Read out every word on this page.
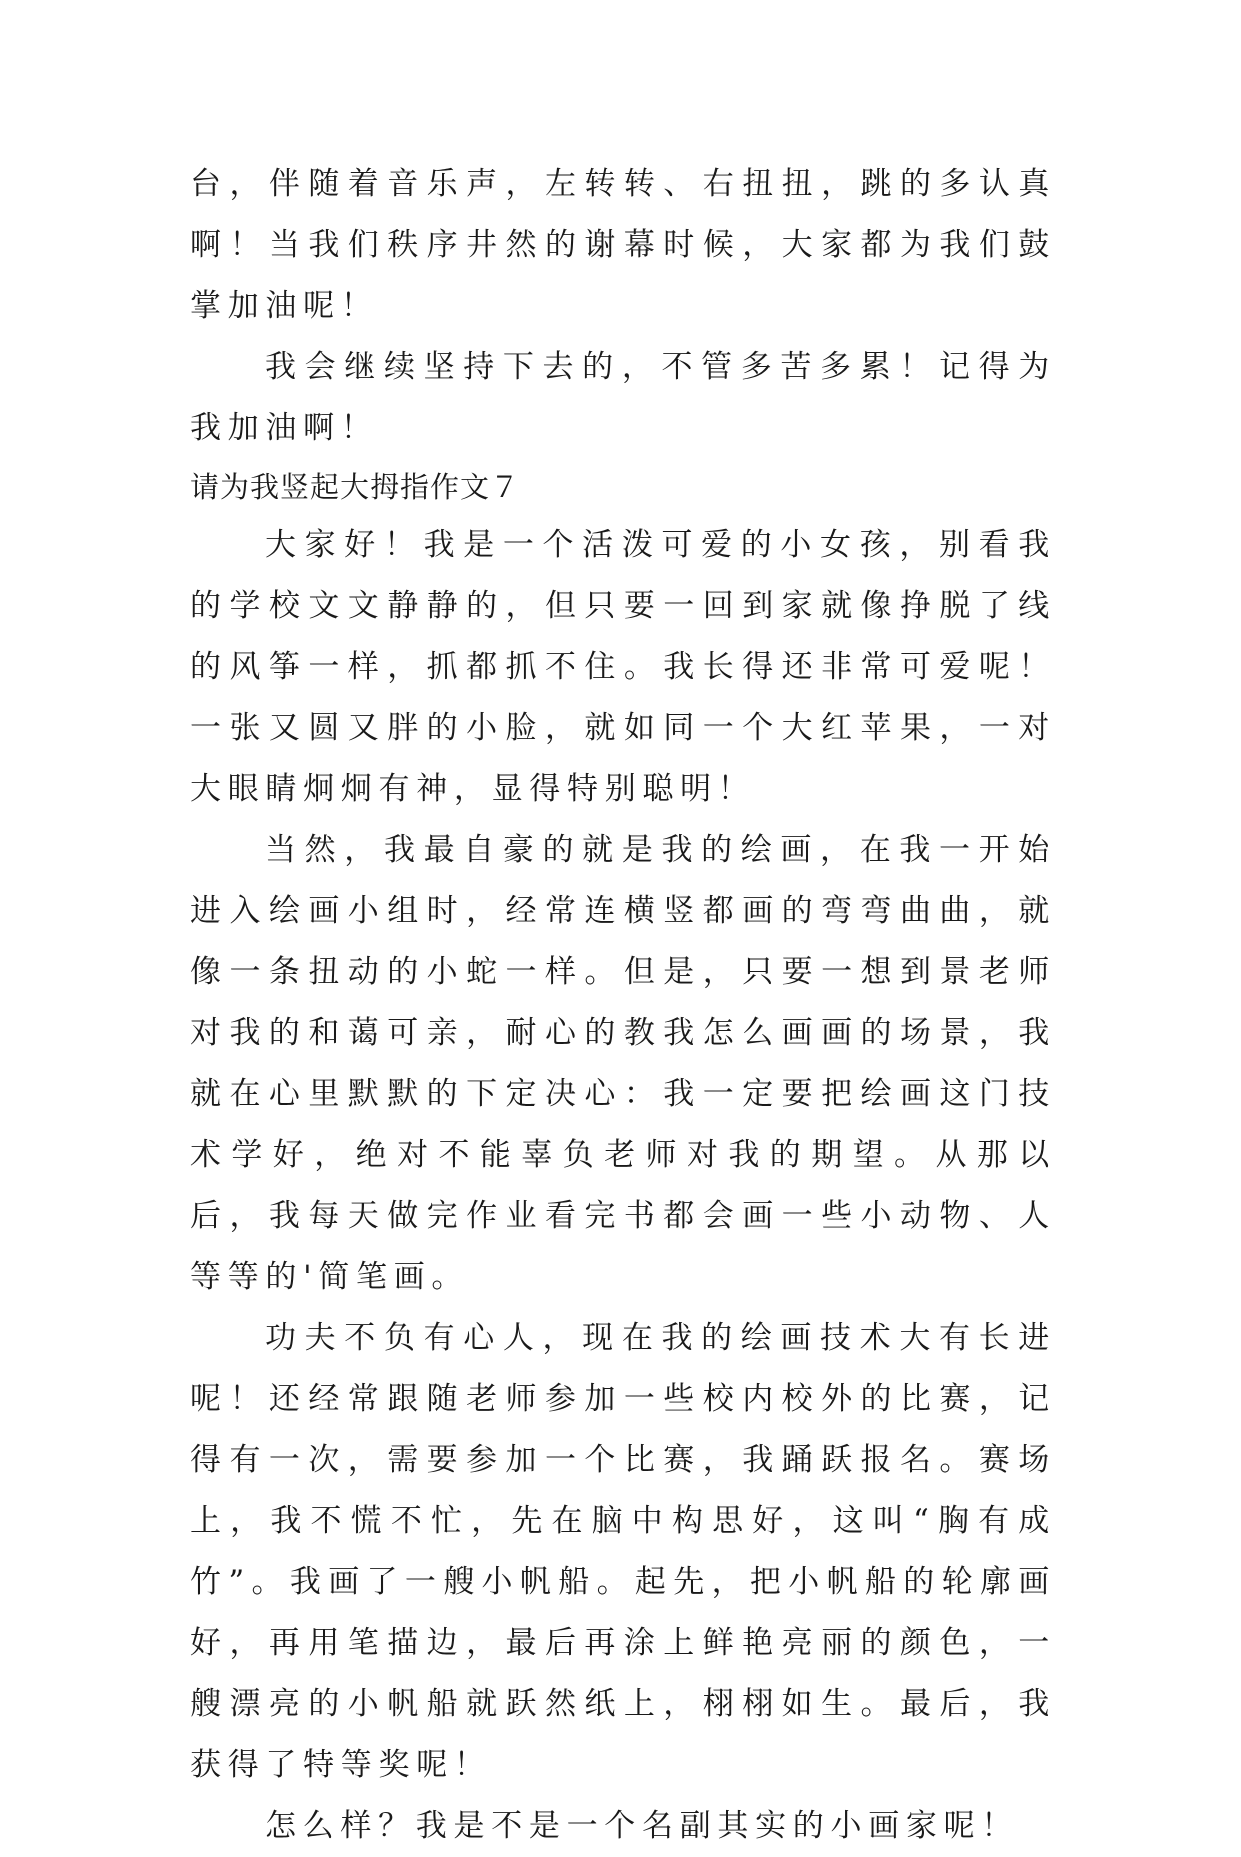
台，伴随着音乐声，左转转、右扭扭，跳的多认真啊！当我们秩序井然的谢幕时候，大家都为我们鼓掌加油呢！

我会继续坚持下去的，不管多苦多累！记得为我加油啊！

请为我竖起大拇指作文７

大家好！我是一个活泼可爱的小女孩，别看我的学校文文静静的，但只要一回到家就像挣脱了线的风筝一样，抓都抓不住。我长得还非常可爱呢！一张又圆又胖的小脸，就如同一个大红苹果，一对大眼睛炯炯有神，显得特别聪明！

当然，我最自豪的就是我的绘画，在我一开始进入绘画小组时，经常连横竖都画的弯弯曲曲，就像一条扭动的小蛇一样。但是，只要一想到景老师对我的和蔼可亲，耐心的教我怎么画画的场景，我就在心里默默的下定决心：我一定要把绘画这门技术学好，绝对不能辜负老师对我的期望。从那以后，我每天做完作业看完书都会画一些小动物、人等等的'简笔画。

功夫不负有心人，现在我的绘画技术大有长进呢！还经常跟随老师参加一些校内校外的比赛，记得有一次，需要参加一个比赛，我踊跃报名。赛场上，我不慌不忙，先在脑中构思好，这叫“胸有成竹”。我画了一艘小帆船。起先，把小帆船的轮廓画好，再用笔描边，最后再涂上鲜艳亮丽的颜色，一艘漂亮的小帆船就跃然纸上，栩栩如生。最后，我获得了特等奖呢！

怎么样？我是不是一个名副其实的小画家呢！
